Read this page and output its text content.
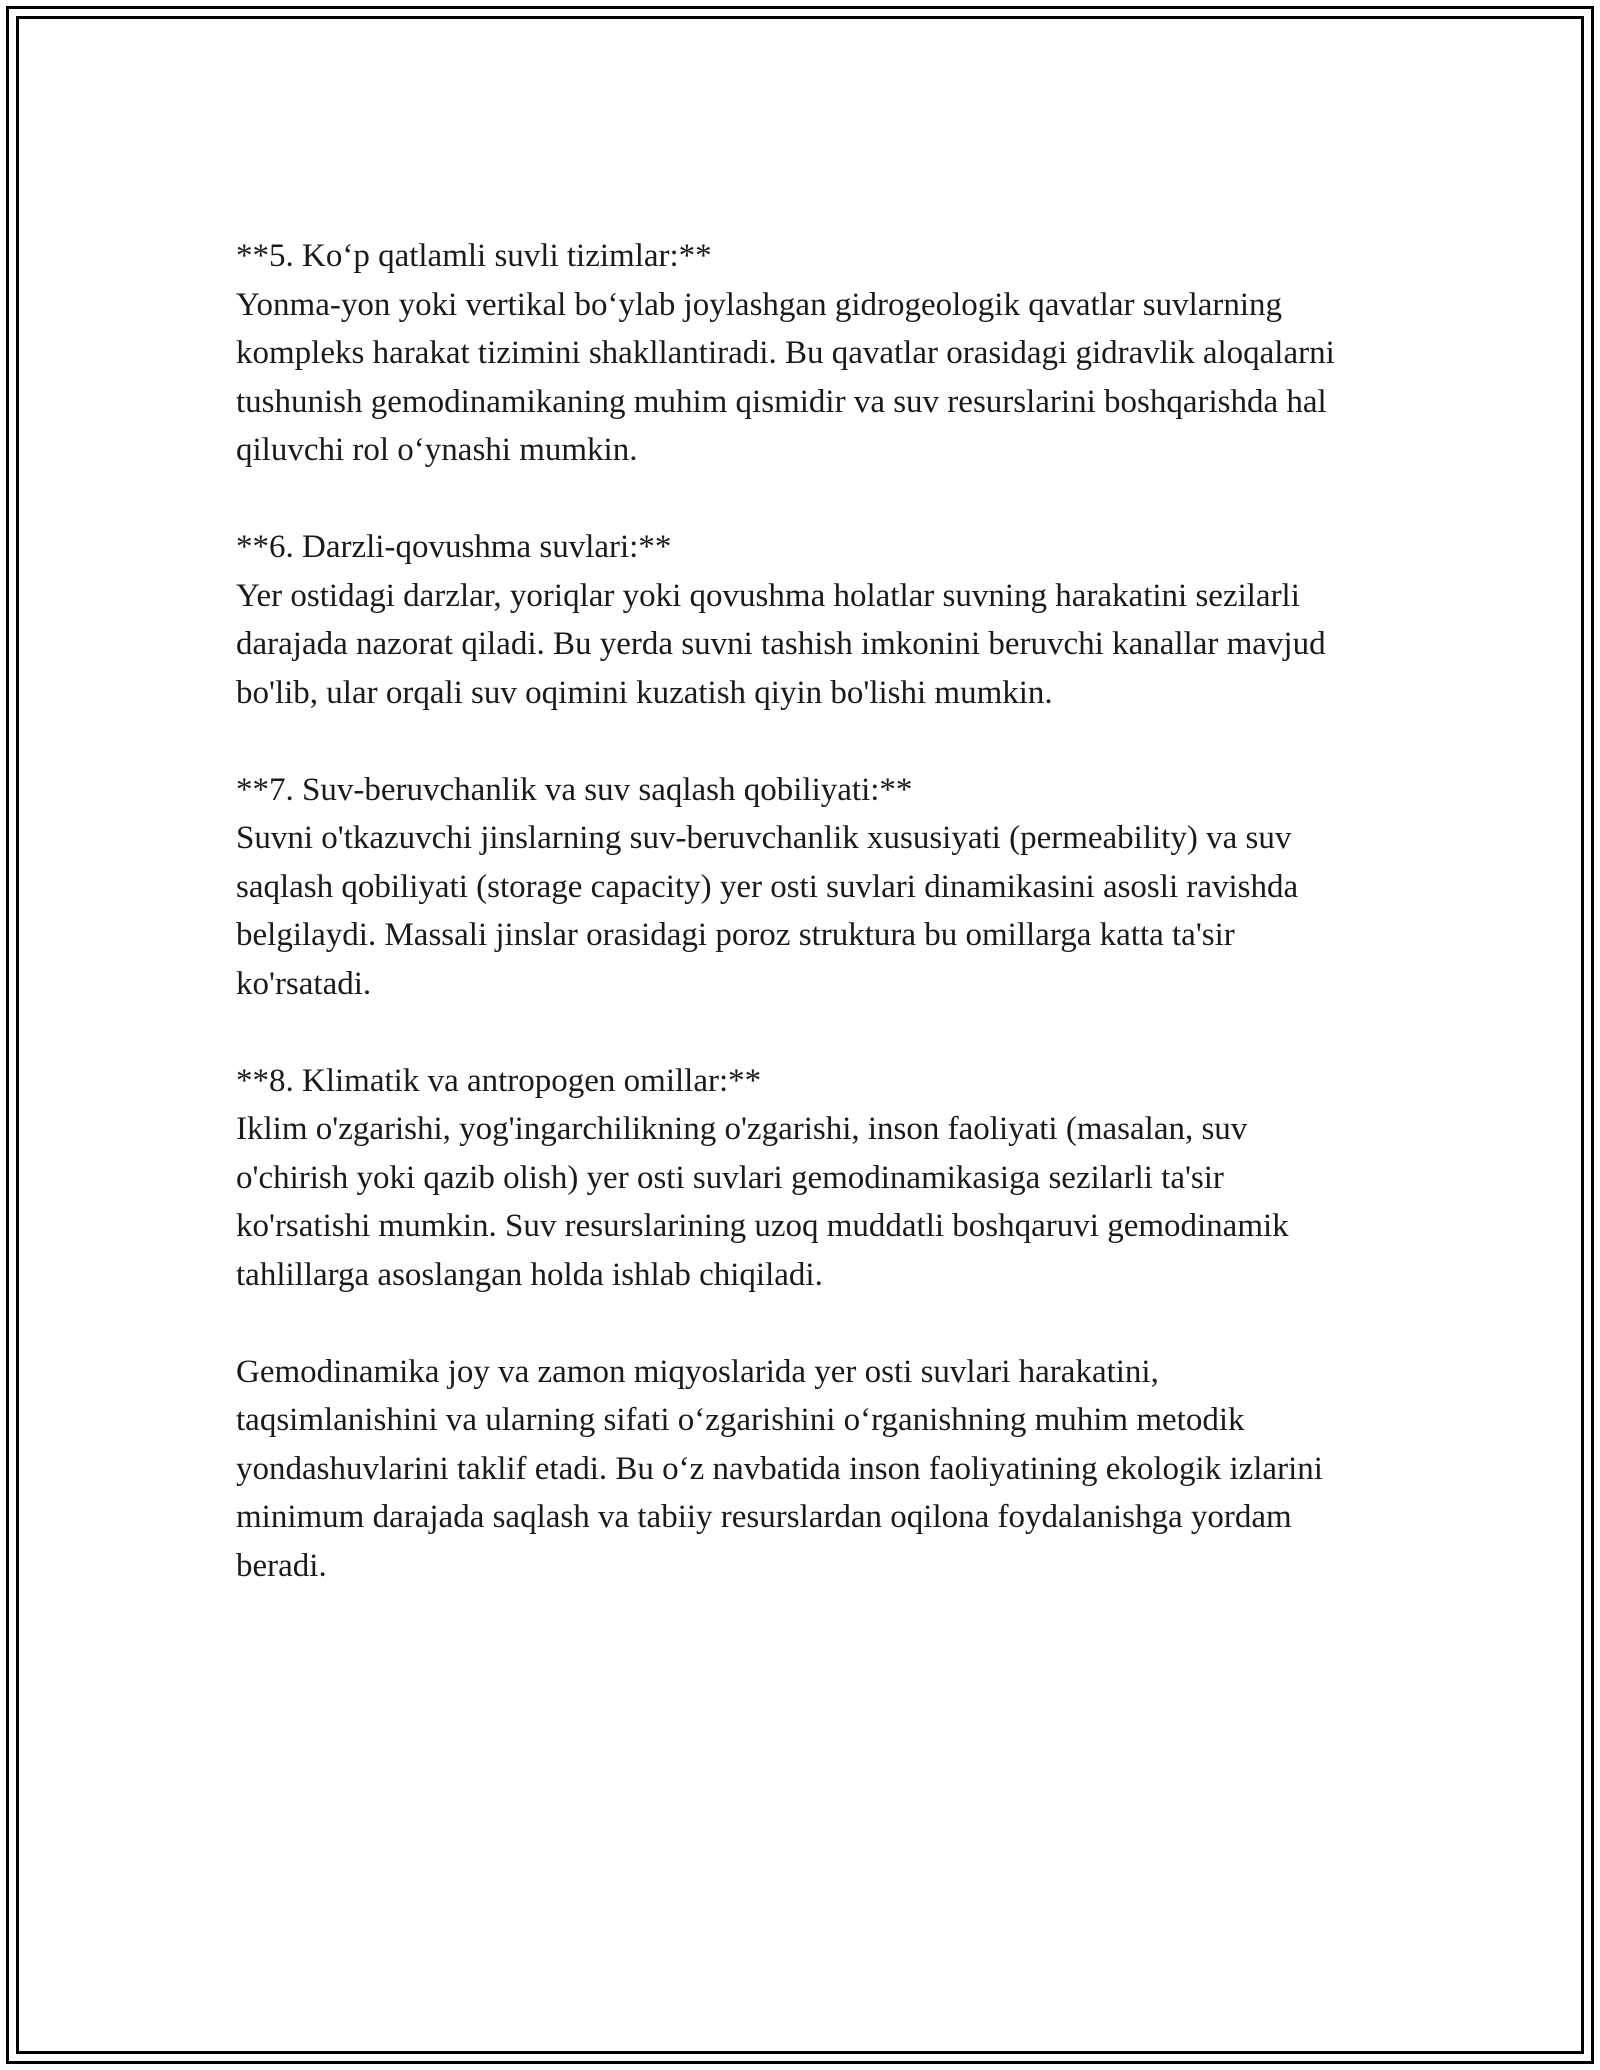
**5. Ko‘p qatlamli suvli tizimlar:**

Yonma-yon yoki vertikal bo‘ylab joylashgan gidrogeologik qavatlar suvlarning kompleks harakat tizimini shakllantiradi. Bu qavatlar orasidagi gidravlik aloqalarni tushunish gemodinamikaning muhim qismidir va suv resurslarini boshqarishda hal qiluvchi rol o‘ynashi mumkin.

**6. Darzli-qovushma suvlari:**

Yer ostidagi darzlar, yoriqlar yoki qovushma holatlar suvning harakatini sezilarli darajada nazorat qiladi. Bu yerda suvni tashish imkonini beruvchi kanallar mavjud bo'lib, ular orqali suv oqimini kuzatish qiyin bo'lishi mumkin.

**7. Suv-beruvchanlik va suv saqlash qobiliyati:**

Suvni o'tkazuvchi jinslarning suv-beruvchanlik xususiyati (permeability) va suv saqlash qobiliyati (storage capacity) yer osti suvlari dinamikasini asosli ravishda belgilaydi. Massali jinslar orasidagi poroz struktura bu omillarga katta ta'sir ko'rsatadi.

**8. Klimatik va antropogen omillar:**

Iklim o'zgarishi, yog'ingarchilikning o'zgarishi, inson faoliyati (masalan, suv o'chirish yoki qazib olish) yer osti suvlari gemodinamikasiga sezilarli ta'sir ko'rsatishi mumkin. Suv resurslarining uzoq muddatli boshqaruvi gemodinamik tahlillarga asoslangan holda ishlab chiqiladi.

Gemodinamika joy va zamon miqyoslarida yer osti suvlari harakatini, taqsimlanishini va ularning sifati o‘zgarishini o‘rganishning muhim metodik yondashuvlarini taklif etadi. Bu o‘z navbatida inson faoliyatining ekologik izlarini minimum darajada saqlash va tabiiy resurslardan oqilona foydalanishga yordam beradi.
